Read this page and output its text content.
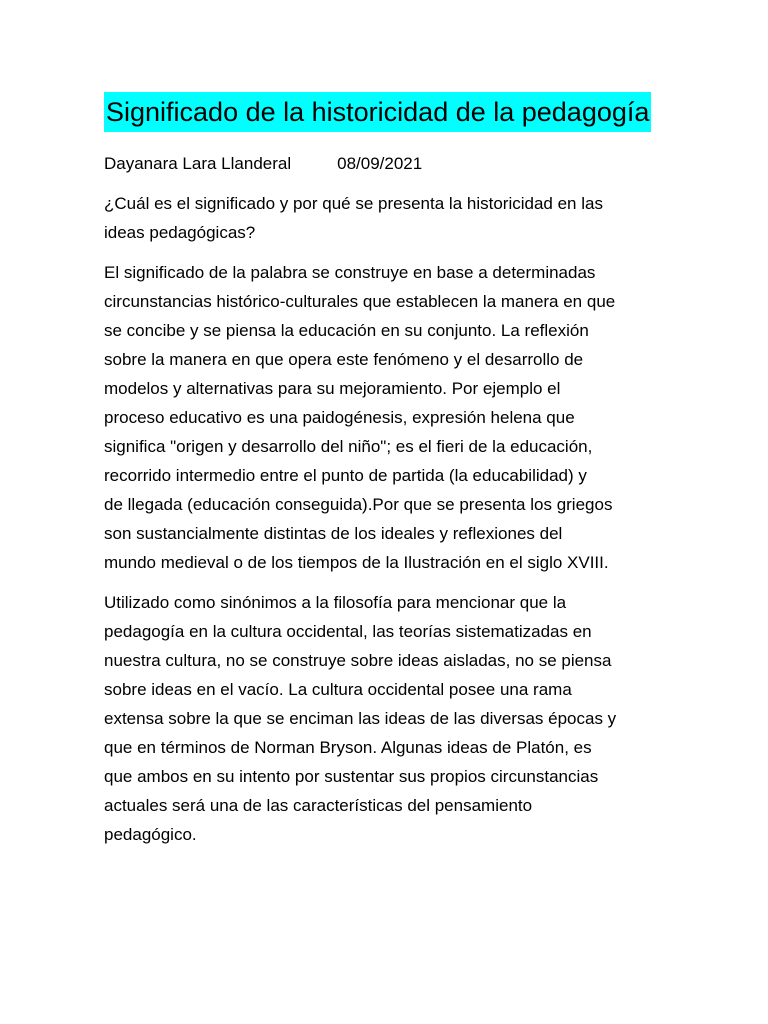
Significado de la historicidad de la pedagogía
Dayanara Lara Llanderal	08/09/2021
¿Cuál es el significado y por qué se presenta la historicidad en las
ideas pedagógicas?
El significado de la palabra se construye en base a determinadas
circunstancias histórico-culturales que establecen la manera en que
se concibe y se piensa la educación en su conjunto. La reflexión
sobre la manera en que opera este fenómeno y el desarrollo de
modelos y alternativas para su mejoramiento. Por ejemplo el
proceso educativo es una paidogénesis, expresión helena que
significa "origen y desarrollo del niño"; es el fieri de la educación,
recorrido intermedio entre el punto de partida (la educabilidad) y
de llegada (educación conseguida).Por que se presenta los griegos
son sustancialmente distintas de los ideales y reflexiones del
mundo medieval o de los tiempos de la Ilustración en el siglo XVIII.
Utilizado como sinónimos a la filosofía para mencionar que la
pedagogía en la cultura occidental, las teorías sistematizadas en
nuestra cultura, no se construye sobre ideas aisladas, no se piensa
sobre ideas en el vacío. La cultura occidental posee una rama
extensa sobre la que se enciman las ideas de las diversas épocas y
que en términos de Norman Bryson. Algunas ideas de Platón, es
que ambos en su intento por sustentar sus propios circunstancias
actuales será una de las características del pensamiento
pedagógico.
